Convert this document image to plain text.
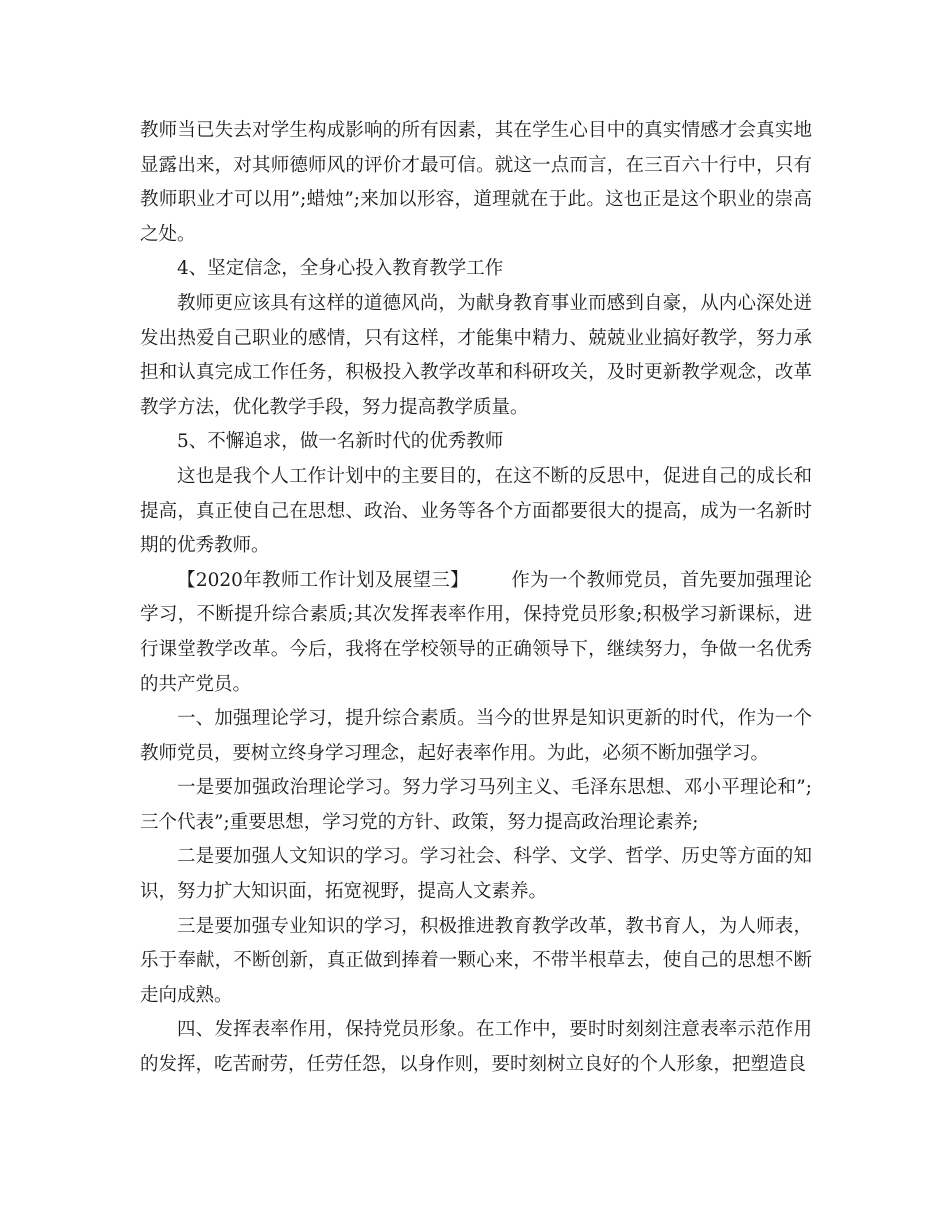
教师当已失去对学生构成影响的所有因素，其在学生心目中的真实情感才会真实地显露出来，对其师德师风的评价才最可信。就这一点而言，在三百六十行中，只有教师职业才可以用”;蜡烛”;来加以形容，道理就在于此。这也正是这个职业的崇高之处。

4、坚定信念，全身心投入教育教学工作

教师更应该具有这样的道德风尚，为献身教育事业而感到自豪，从内心深处迸发出热爱自己职业的感情，只有这样，才能集中精力、兢兢业业搞好教学，努力承担和认真完成工作任务，积极投入教学改革和科研攻关，及时更新教学观念，改革教学方法，优化教学手段，努力提高教学质量。

5、不懈追求，做一名新时代的优秀教师

这也是我个人工作计划中的主要目的，在这不断的反思中，促进自己的成长和提高，真正使自己在思想、政治、业务等各个方面都要很大的提高，成为一名新时期的优秀教师。

【2020年教师工作计划及展望三】 作为一个教师党员，首先要加强理论学习，不断提升综合素质;其次发挥表率作用，保持党员形象;积极学习新课标，进行课堂教学改革。今后，我将在学校领导的正确领导下，继续努力，争做一名优秀的共产党员。

一、加强理论学习，提升综合素质。当今的世界是知识更新的时代，作为一个教师党员，要树立终身学习理念，起好表率作用。为此，必须不断加强学习。

一是要加强政治理论学习。努力学习马列主义、毛泽东思想、邓小平理论和”;三个代表”;重要思想，学习党的方针、政策，努力提高政治理论素养;

二是要加强人文知识的学习。学习社会、科学、文学、哲学、历史等方面的知识，努力扩大知识面，拓宽视野，提高人文素养。

三是要加强专业知识的学习，积极推进教育教学改革，教书育人，为人师表，乐于奉献，不断创新，真正做到捧着一颗心来，不带半根草去，使自己的思想不断走向成熟。

四、发挥表率作用，保持党员形象。在工作中，要时时刻刻注意表率示范作用的发挥，吃苦耐劳，任劳任怨，以身作则，要时刻树立良好的个人形象，把塑造良
